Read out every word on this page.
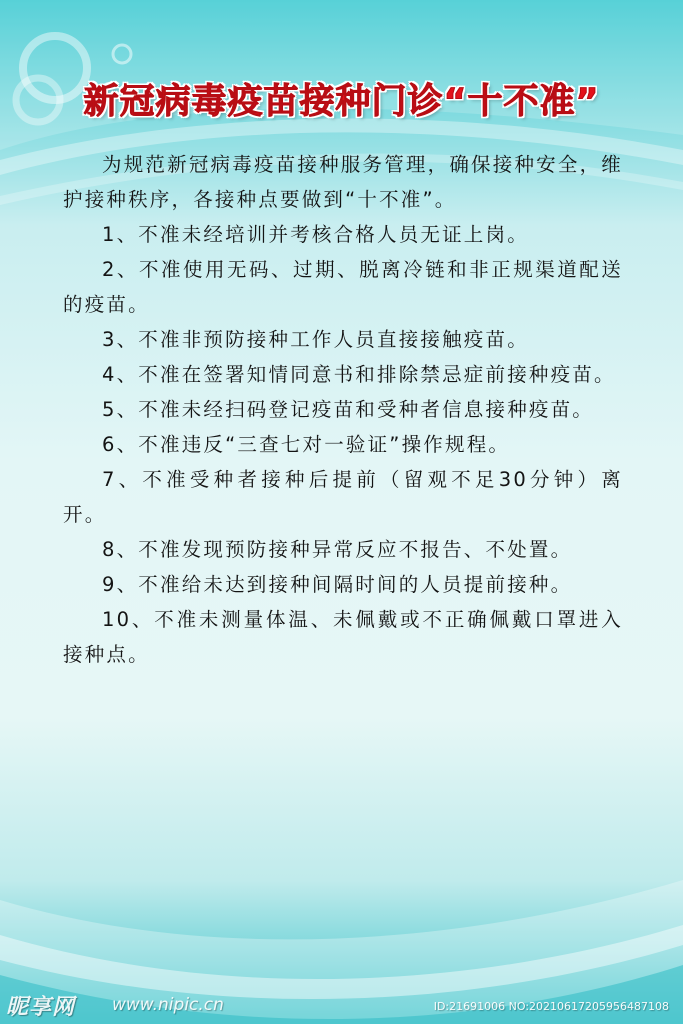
新冠病毒疫苗接种门诊“十不准”

为规范新冠病毒疫苗接种服务管理，确保接种安全，维护接种秩序，各接种点要做到“十不准”。

1、不准未经培训并考核合格人员无证上岗。

2、不准使用无码、过期、脱离冷链和非正规渠道配送的疫苗。

3、不准非预防接种工作人员直接接触疫苗。

4、不准在签署知情同意书和排除禁忌症前接种疫苗。

5、不准未经扫码登记疫苗和受种者信息接种疫苗。

6、不准违反“三查七对一验证”操作规程。

7、不准受种者接种后提前（留观不足30分钟）离开。

8、不准发现预防接种异常反应不报告、不处置。

9、不准给未达到接种间隔时间的人员提前接种。

10、不准未测量体温、未佩戴或不正确佩戴口罩进入接种点。

昵享网 www.nipic.cn	ID:21691006 NO:20210617205956487108
